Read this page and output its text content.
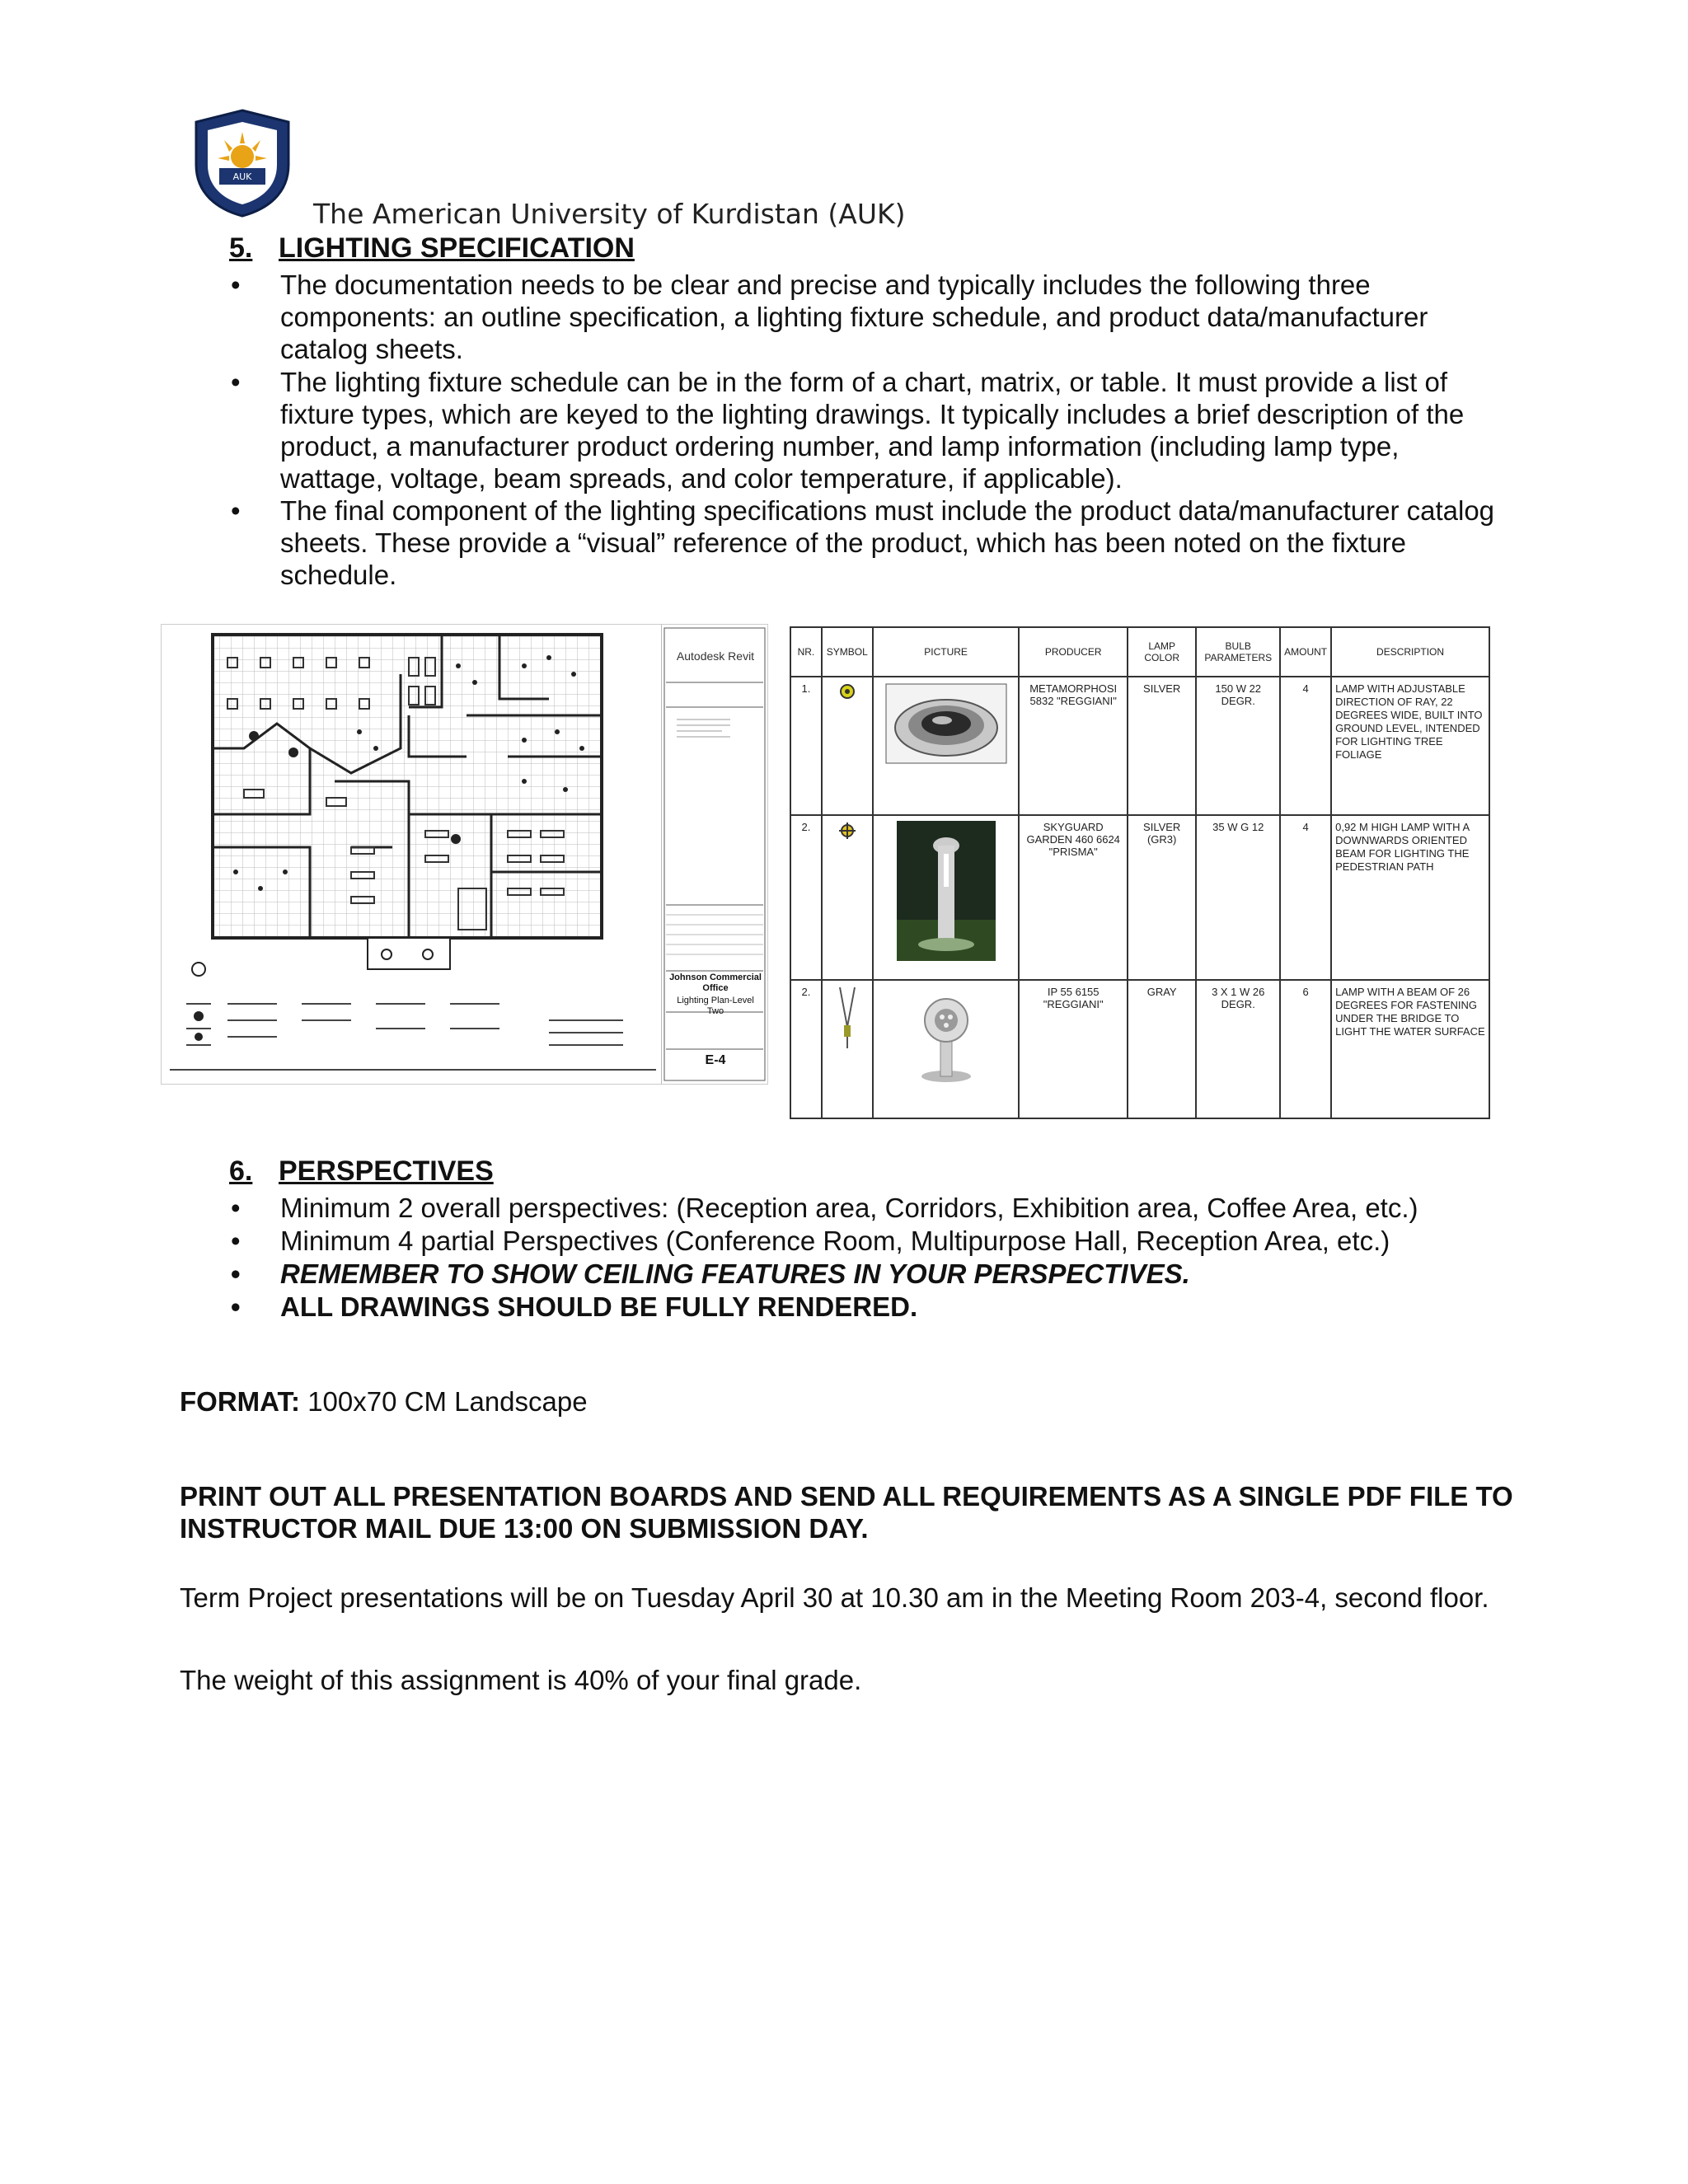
AUK
The American University of Kurdistan (AUK)
5. LIGHTING SPECIFICATION
• The documentation needs to be clear and precise and typically includes the following three components: an outline specification, a lighting fixture schedule, and product data/manufacturer catalog sheets.
• The lighting fixture schedule can be in the form of a chart, matrix, or table. It must provide a list of fixture types, which are keyed to the lighting drawings. It typically includes a brief description of the product, a manufacturer product ordering number, and lamp information (including lamp type, wattage, voltage, beam spreads, and color temperature, if applicable).
• The final component of the lighting specifications must include the product data/manufacturer catalog sheets. These provide a “visual” reference of the product, which has been noted on the fixture schedule.
Autodesk Revit
Johnson Commercial Office
Lighting Plan-Level Two
E-4
NR.	SYMBOL	PICTURE	PRODUCER	LAMP COLOR	BULB PARAMETERS	AMOUNT	DESCRIPTION
1.			METAMORPHOSI 5832 "REGGIANI"	SILVER	150 W 22 DEGR.	4	LAMP WITH ADJUSTABLE DIRECTION OF RAY, 22 DEGREES WIDE, BUILT INTO GROUND LEVEL, INTENDED FOR LIGHTING TREE FOLIAGE
2.			SKYGUARD GARDEN 460 6624 "PRISMA"	SILVER (GR3)	35 W G 12	4	0,92 M HIGH LAMP WITH A DOWNWARDS ORIENTED BEAM FOR LIGHTING THE PEDESTRIAN PATH
2.			IP 55 6155 "REGGIANI"	GRAY	3 X 1 W 26 DEGR.	6	LAMP WITH A BEAM OF 26 DEGREES FOR FASTENING UNDER THE BRIDGE TO LIGHT THE WATER SURFACE
6. PERSPECTIVES
• Minimum 2 overall perspectives: (Reception area, Corridors, Exhibition area, Coffee Area, etc.)
• Minimum 4 partial Perspectives (Conference Room, Multipurpose Hall, Reception Area, etc.)
• REMEMBER TO SHOW CEILING FEATURES IN YOUR PERSPECTIVES.
• ALL DRAWINGS SHOULD BE FULLY RENDERED.
FORMAT: 100x70 CM Landscape
PRINT OUT ALL PRESENTATION BOARDS AND SEND ALL REQUIREMENTS AS A SINGLE PDF FILE TO INSTRUCTOR MAIL DUE 13:00 ON SUBMISSION DAY.
Term Project presentations will be on Tuesday April 30 at 10.30 am in the Meeting Room 203-4, second floor.
The weight of this assignment is 40% of your final grade.
